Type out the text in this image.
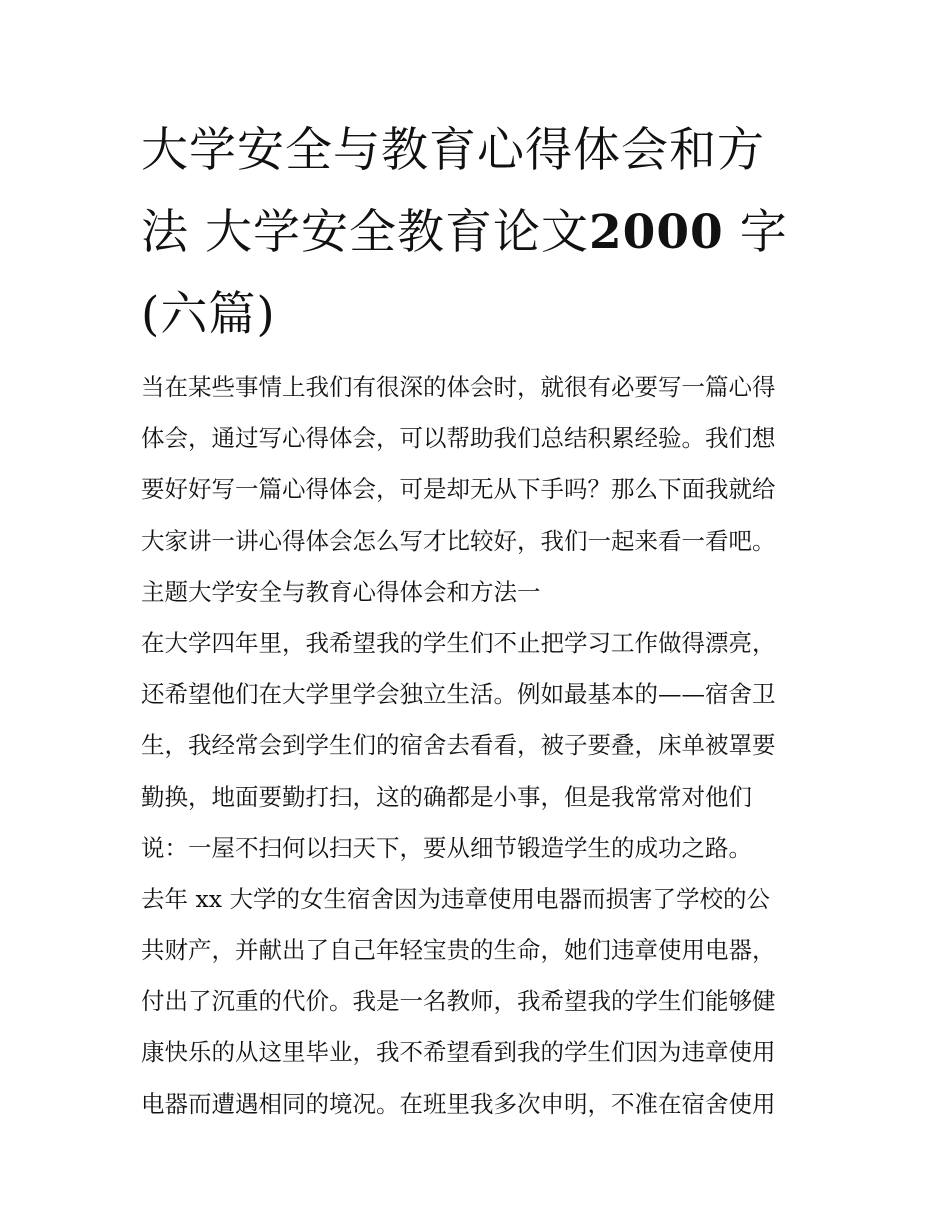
大学安全与教育心得体会和方
法 大学安全教育论文2000 字
(六篇)
当在某些事情上我们有很深的体会时，就很有必要写一篇心得
体会，通过写心得体会，可以帮助我们总结积累经验。我们想
要好好写一篇心得体会，可是却无从下手吗？那么下面我就给
大家讲一讲心得体会怎么写才比较好，我们一起来看一看吧。
主题大学安全与教育心得体会和方法一
在大学四年里，我希望我的学生们不止把学习工作做得漂亮，
还希望他们在大学里学会独立生活。例如最基本的——宿舍卫
生，我经常会到学生们的宿舍去看看，被子要叠，床单被罩要
勤换，地面要勤打扫，这的确都是小事，但是我常常对他们
说：一屋不扫何以扫天下，要从细节锻造学生的成功之路。
去年 xx 大学的女生宿舍因为违章使用电器而损害了学校的公
共财产，并献出了自己年轻宝贵的生命，她们违章使用电器，
付出了沉重的代价。我是一名教师，我希望我的学生们能够健
康快乐的从这里毕业，我不希望看到我的学生们因为违章使用
电器而遭遇相同的境况。在班里我多次申明，不准在宿舍使用
